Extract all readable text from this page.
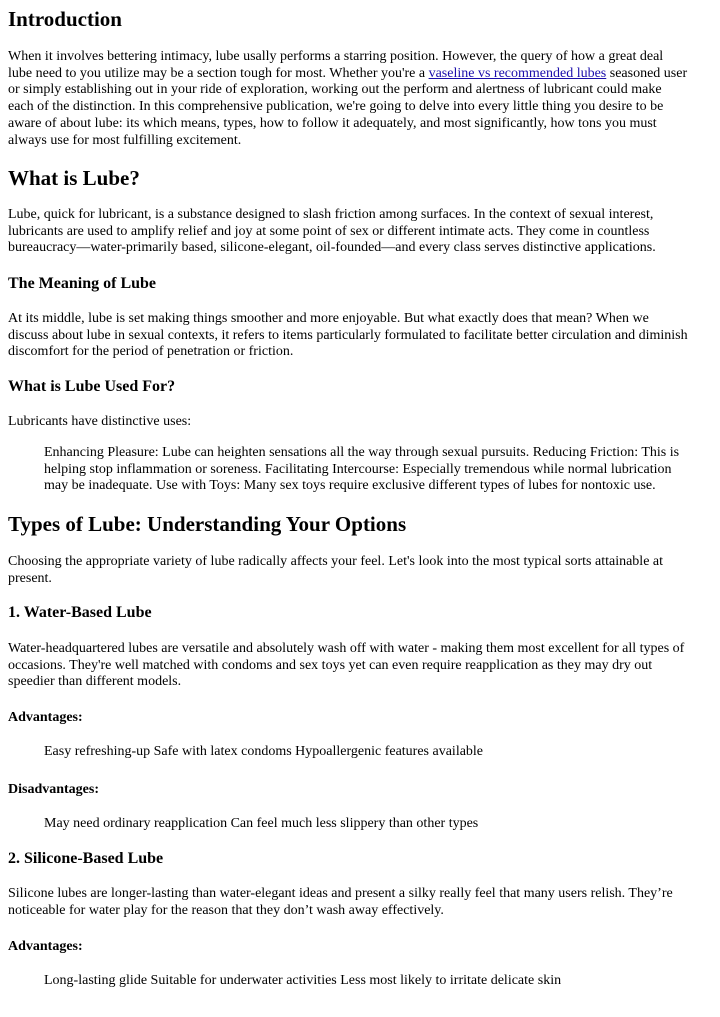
Introduction

When it involves bettering intimacy, lube usally performs a starring position. However, the query of how a great deal
lube need to you utilize may be a section tough for most. Whether you're a vaseline vs recommended lubes seasoned user
or simply establishing out in your ride of exploration, working out the perform and alertness of lubricant could make
each of the distinction. In this comprehensive publication, we're going to delve into every little thing you desire to be
aware of about lube: its which means, types, how to follow it adequately, and most significantly, how tons you must
always use for most fulfilling excitement.

What is Lube?

Lube, quick for lubricant, is a substance designed to slash friction among surfaces. In the context of sexual interest,
lubricants are used to amplify relief and joy at some point of sex or different intimate acts. They come in countless
bureaucracy—water-primarily based, silicone-elegant, oil-founded—and every class serves distinctive applications.

The Meaning of Lube

At its middle, lube is set making things smoother and more enjoyable. But what exactly does that mean? When we
discuss about lube in sexual contexts, it refers to items particularly formulated to facilitate better circulation and diminish
discomfort for the period of penetration or friction.

What is Lube Used For?

Lubricants have distinctive uses:

Enhancing Pleasure: Lube can heighten sensations all the way through sexual pursuits. Reducing Friction: This is
helping stop inflammation or soreness. Facilitating Intercourse: Especially tremendous while normal lubrication
may be inadequate. Use with Toys: Many sex toys require exclusive different types of lubes for nontoxic use.
Types of Lube: Understanding Your Options

Choosing the appropriate variety of lube radically affects your feel. Let's look into the most typical sorts attainable at
present.

1. Water-Based Lube

Water-headquartered lubes are versatile and absolutely wash off with water - making them most excellent for all types of
occasions. They're well matched with condoms and sex toys yet can even require reapplication as they may dry out
speedier than different models.

Advantages:
Easy refreshing-up Safe with latex condoms Hypoallergenic features available
Disadvantages:
May need ordinary reapplication Can feel much less slippery than other types
2. Silicone-Based Lube

Silicone lubes are longer-lasting than water-elegant ideas and present a silky really feel that many users relish. They’re
noticeable for water play for the reason that they don’t wash away effectively.

Advantages:
Long-lasting glide Suitable for underwater activities Less most likely to irritate delicate skin
